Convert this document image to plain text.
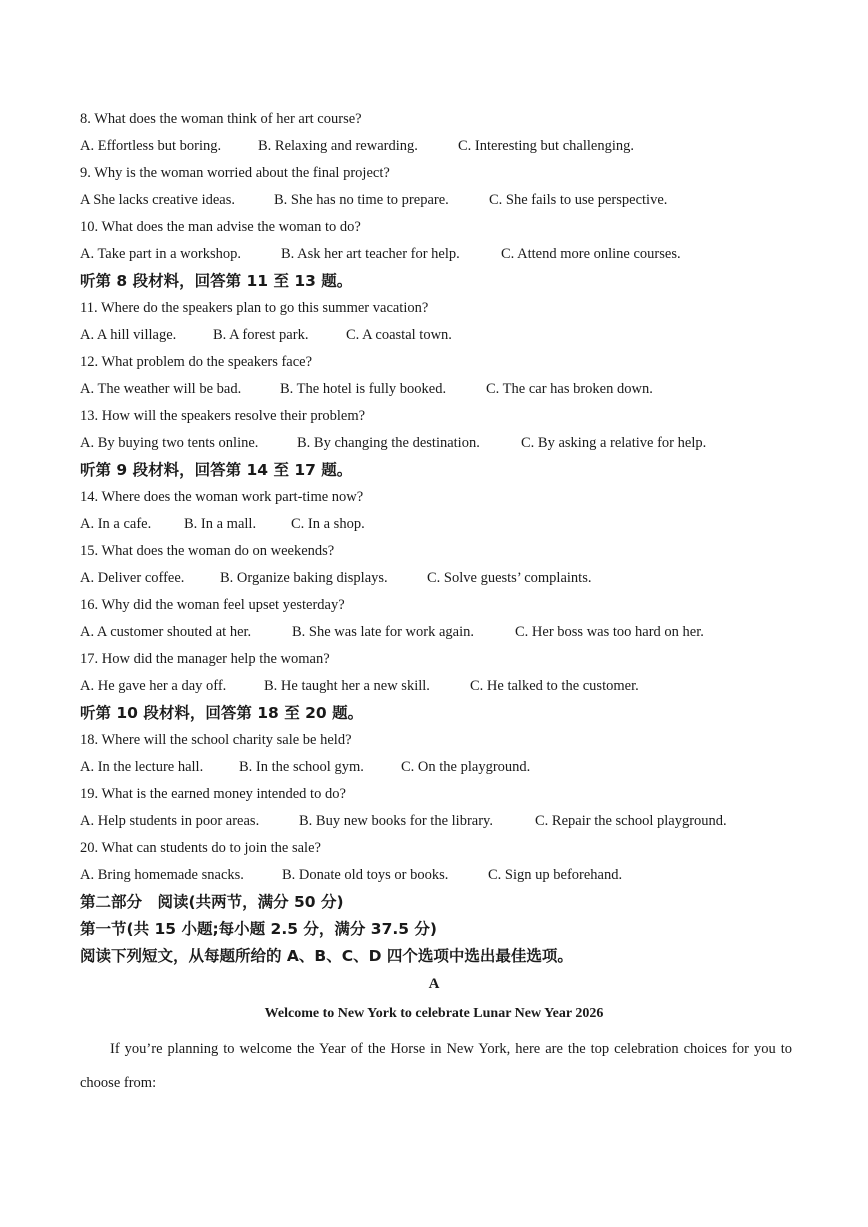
8. What does the woman think of her art course?
A. Effortless but boring.	B. Relaxing and rewarding.	C. Interesting but challenging.
9. Why is the woman worried about the final project?
A She lacks creative ideas.	B. She has no time to prepare.	C. She fails to use perspective.
10. What does the man advise the woman to do?
A. Take part in a workshop.	B. Ask her art teacher for help.	C. Attend more online courses.
听第 8 段材料，回答第 11 至 13 题。
11. Where do the speakers plan to go this summer vacation?
A. A hill village.	B. A forest park.	C. A coastal town.
12. What problem do the speakers face?
A. The weather will be bad.	B. The hotel is fully booked.	C. The car has broken down.
13. How will the speakers resolve their problem?
A. By buying two tents online.	B. By changing the destination.	C. By asking a relative for help.
听第 9 段材料，回答第 14 至 17 题。
14. Where does the woman work part-time now?
A. In a cafe. B. In a mall. C. In a shop.
15. What does the woman do on weekends?
A. Deliver coffee. B. Organize baking displays.	C. Solve guests’ complaints.
16. Why did the woman feel upset yesterday?
A. A customer shouted at her.	B. She was late for work again.	C. Her boss was too hard on her.
17. How did the manager help the woman?
A. He gave her a day off.	B. He taught her a new skill.	C. He talked to the customer.
听第 10 段材料，回答第 18 至 20 题。
18. Where will the school charity sale be held?
A. In the lecture hall. B. In the school gym.	C. On the playground.
19. What is the earned money intended to do?
A. Help students in poor areas.	B. Buy new books for the library.	C. Repair the school playground.
20. What can students do to join the sale?
A. Bring homemade snacks.	B. Donate old toys or books.	C. Sign up beforehand.
第二部分　阅读(共两节，满分 50 分)
第一节(共 15 小题;每小题 2.5 分，满分 37.5 分)
阅读下列短文，从每题所给的 A、B、C、D 四个选项中选出最佳选项。
A
Welcome to New York to celebrate Lunar New Year 2026
If you’re planning to welcome the Year of the Horse in New York, here are the top celebration choices for you to choose from:
